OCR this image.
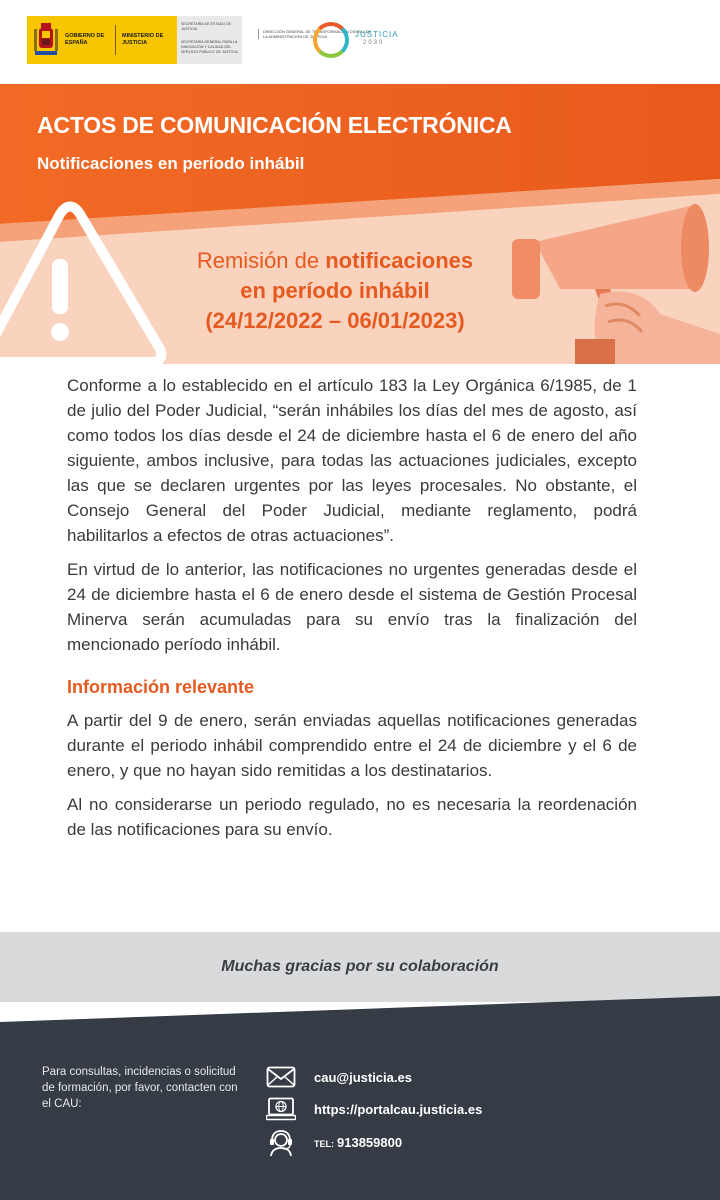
GOBIERNO DE ESPAÑA
MINISTERIO DE JUSTICIA
SECRETARÍA DE ESTADO DE JUSTICIA
SECRETARÍA GENERAL PARA LA INNOVACIÓN Y CALIDAD DEL SERVICIO PÚBLICO DE JUSTICIA
DIRECCIÓN GENERAL DE TRANSFORMACIÓN DIGITAL DE LA ADMINISTRACIÓN DE JUSTICIA	JUSTICIA
2030
ACTOS DE COMUNICACIÓN ELECTRÓNICA
Notificaciones en período inhábil
Remisión de notificaciones
en período inhábil
(24/12/2022 – 06/01/2023)

Conforme a lo establecido en el artículo 183 la Ley Orgánica 6/1985, de 1 de julio del Poder Judicial, “serán inhábiles los días del mes de agosto, así como todos los días desde el 24 de diciembre hasta el 6 de enero del año siguiente, ambos inclusive, para todas las actuaciones judiciales, excepto las que se declaren urgentes por las leyes procesales. No obstante, el Consejo General del Poder Judicial, mediante reglamento, podrá habilitarlos a efectos de otras actuaciones”.

En virtud de lo anterior, las notificaciones no urgentes generadas desde el 24 de diciembre hasta el 6 de enero desde el sistema de Gestión Procesal Minerva serán acumuladas para su envío tras la finalización del mencionado período inhábil.

Información relevante

A partir del 9 de enero, serán enviadas aquellas notificaciones generadas durante el periodo inhábil comprendido entre el 24 de diciembre y el 6 de enero, y que no hayan sido remitidas a los destinatarios.

Al no considerarse un periodo regulado, no es necesaria la reordenación de las notificaciones para su envío.

Muchas gracias por su colaboración
Para consultas, incidencias o solicitud de formación, por favor, contacten con el CAU:
cau@justicia.es
https://portalcau.justicia.es
TEL: 913859800
